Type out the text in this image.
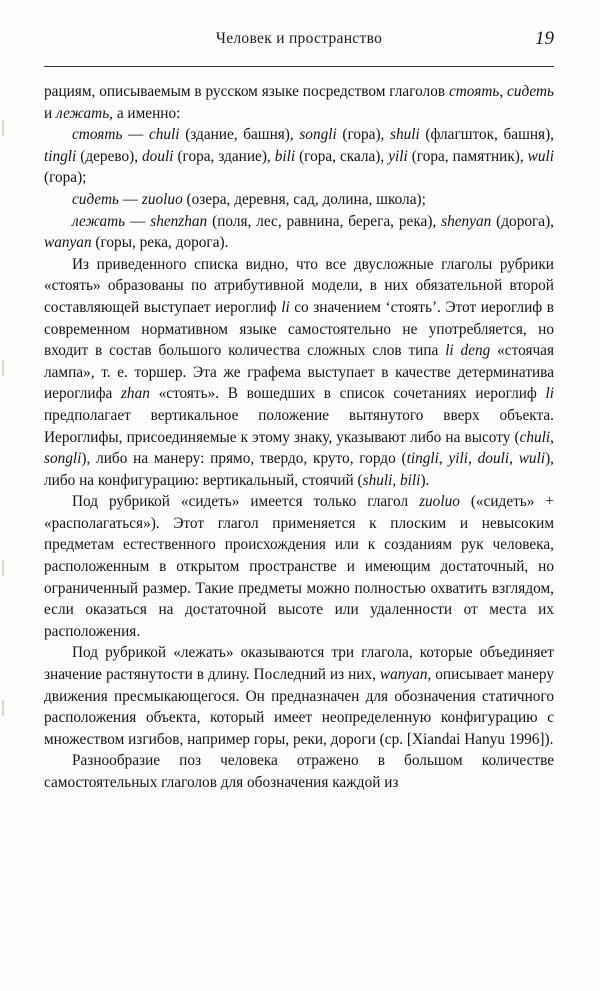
Человек и пространство	19

рациям, описываемым в русском языке посредством глаголов стоять, сидеть и лежать, а именно:

стоять — chuli (здание, башня), songli (гора), shuli (флагшток, башня), tingli (дерево), douli (гора, здание), bili (гора, скала), yili (гора, памятник), wuli (гора);

сидеть — zuoluo (озера, деревня, сад, долина, школа);

лежать — shenzhan (поля, лес, равнина, берега, река), shenyan (дорога), wanyan (горы, река, дорога).

Из приведенного списка видно, что все двусложные глаголы рубрики «стоять» образованы по атрибутивной модели, в них обязательной второй составляющей выступает иероглиф li со значением ‘стоять’. Этот иероглиф в современном нормативном языке самостоятельно не употребляется, но входит в состав большого количества сложных слов типа li deng «стоячая лампа», т. е. торшер. Эта же графема выступает в качестве детерминатива иероглифа zhan «стоять». В вошедших в список сочетаниях иероглиф li предполагает вертикальное положение вытянутого вверх объекта. Иероглифы, присоединяемые к этому знаку, указывают либо на высоту (chuli, songli), либо на манеру: прямо, твердо, круто, гордо (tingli, yili, douli, wuli), либо на конфигурацию: вертикальный, стоячий (shuli, bili).

Под рубрикой «сидеть» имеется только глагол zuoluo («сидеть» + «располагаться»). Этот глагол применяется к плоским и невысоким предметам естественного происхождения или к созданиям рук человека, расположенным в открытом пространстве и имеющим достаточный, но ограниченный размер. Такие предметы можно полностью охватить взглядом, если оказаться на достаточной высоте или удаленности от места их расположения.

Под рубрикой «лежать» оказываются три глагола, которые объединяет значение растянутости в длину. Последний из них, wanyan, описывает манеру движения пресмыкающегося. Он предназначен для обозначения статичного расположения объекта, который имеет неопределенную конфигурацию с множеством изгибов, например горы, реки, дороги (ср. [Xiandai Hanyu 1996]).

Разнообразие поз человека отражено в большом количестве самостоятельных глаголов для обозначения каждой из
